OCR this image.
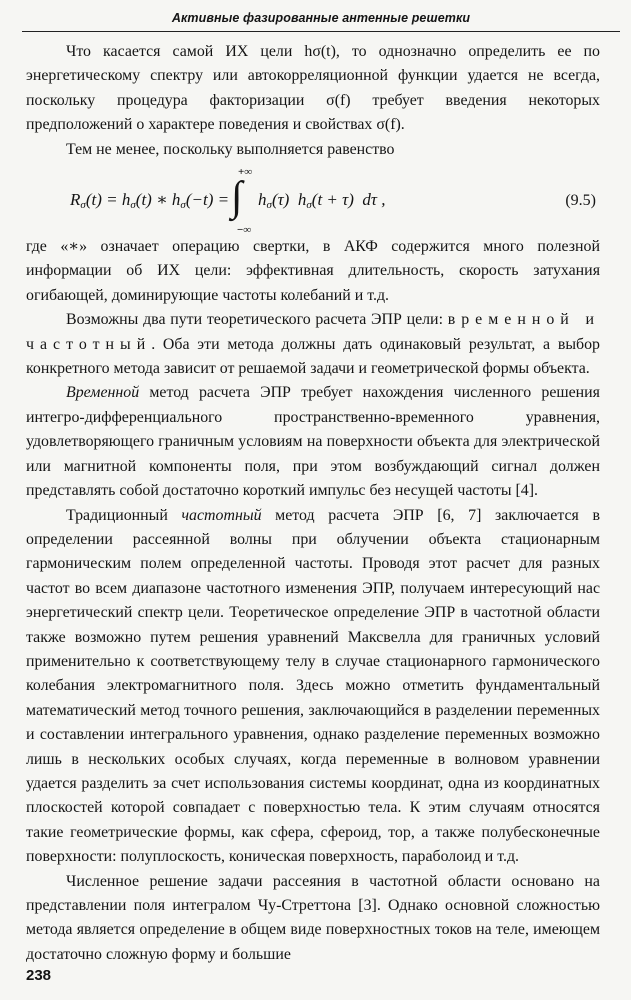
Активные фазированные антенные решетки

Что касается самой ИХ цели hσ(t), то однозначно определить ее по энергетическому спектру или автокорреляционной функции удается не всегда, поскольку процедура факторизации σ(f) требует введения некоторых предположений о характере поведения и свойствах σ(f).

Тем не менее, поскольку выполняется равенство

$R_\sigma(t) = h_\sigma(t)$ ∗ $h_\sigma(-t)$ =
+∞
∫
−∞
$h_\sigma(\tau) h_\sigma(t + \tau)$  dτ ,	(9.5)

где «∗» означает операцию свертки, в АКФ содержится много полезной информации об ИХ цели: эффективная длительность, скорость затухания огибающей, доминирующие частоты колебаний и т.д.

Возможны два пути теоретического расчета ЭПР цели: временной и частотный. Оба эти метода должны дать одинаковый результат, а выбор конкретного метода зависит от решаемой задачи и геометрической формы объекта.

Временной метод расчета ЭПР требует нахождения численного решения интегро-дифференциального пространственно-временного уравнения, удовлетворяющего граничным условиям на поверхности объекта для электрической или магнитной компоненты поля, при этом возбуждающий сигнал должен представлять собой достаточно короткий импульс без несущей частоты [4].

Традиционный частотный метод расчета ЭПР [6, 7] заключается в определении рассеянной волны при облучении объекта стационарным гармоническим полем определенной частоты. Проводя этот расчет для разных частот во всем диапазоне частотного изменения ЭПР, получаем интересующий нас энергетический спектр цели. Теоретическое определение ЭПР в частотной области также возможно путем решения уравнений Максвелла для граничных условий применительно к соответствующему телу в случае стационарного гармонического колебания электромагнитного поля. Здесь можно отметить фундаментальный математический метод точного решения, заключающийся в разделении переменных и составлении интегрального уравнения, однако разделение переменных возможно лишь в нескольких особых случаях, когда переменные в волновом уравнении удается разделить за счет использования системы координат, одна из координатных плоскостей которой совпадает с поверхностью тела. К этим случаям относятся такие геометрические формы, как сфера, сфероид, тор, а также полубесконечные поверхности: полуплоскость, коническая поверхность, параболоид и т.д.

Численное решение задачи рассеяния в частотной области основано на представлении поля интегралом Чу-Стреттона [3]. Однако основной сложностью метода является определение в общем виде поверхностных токов на теле, имеющем достаточно сложную форму и большие

238
